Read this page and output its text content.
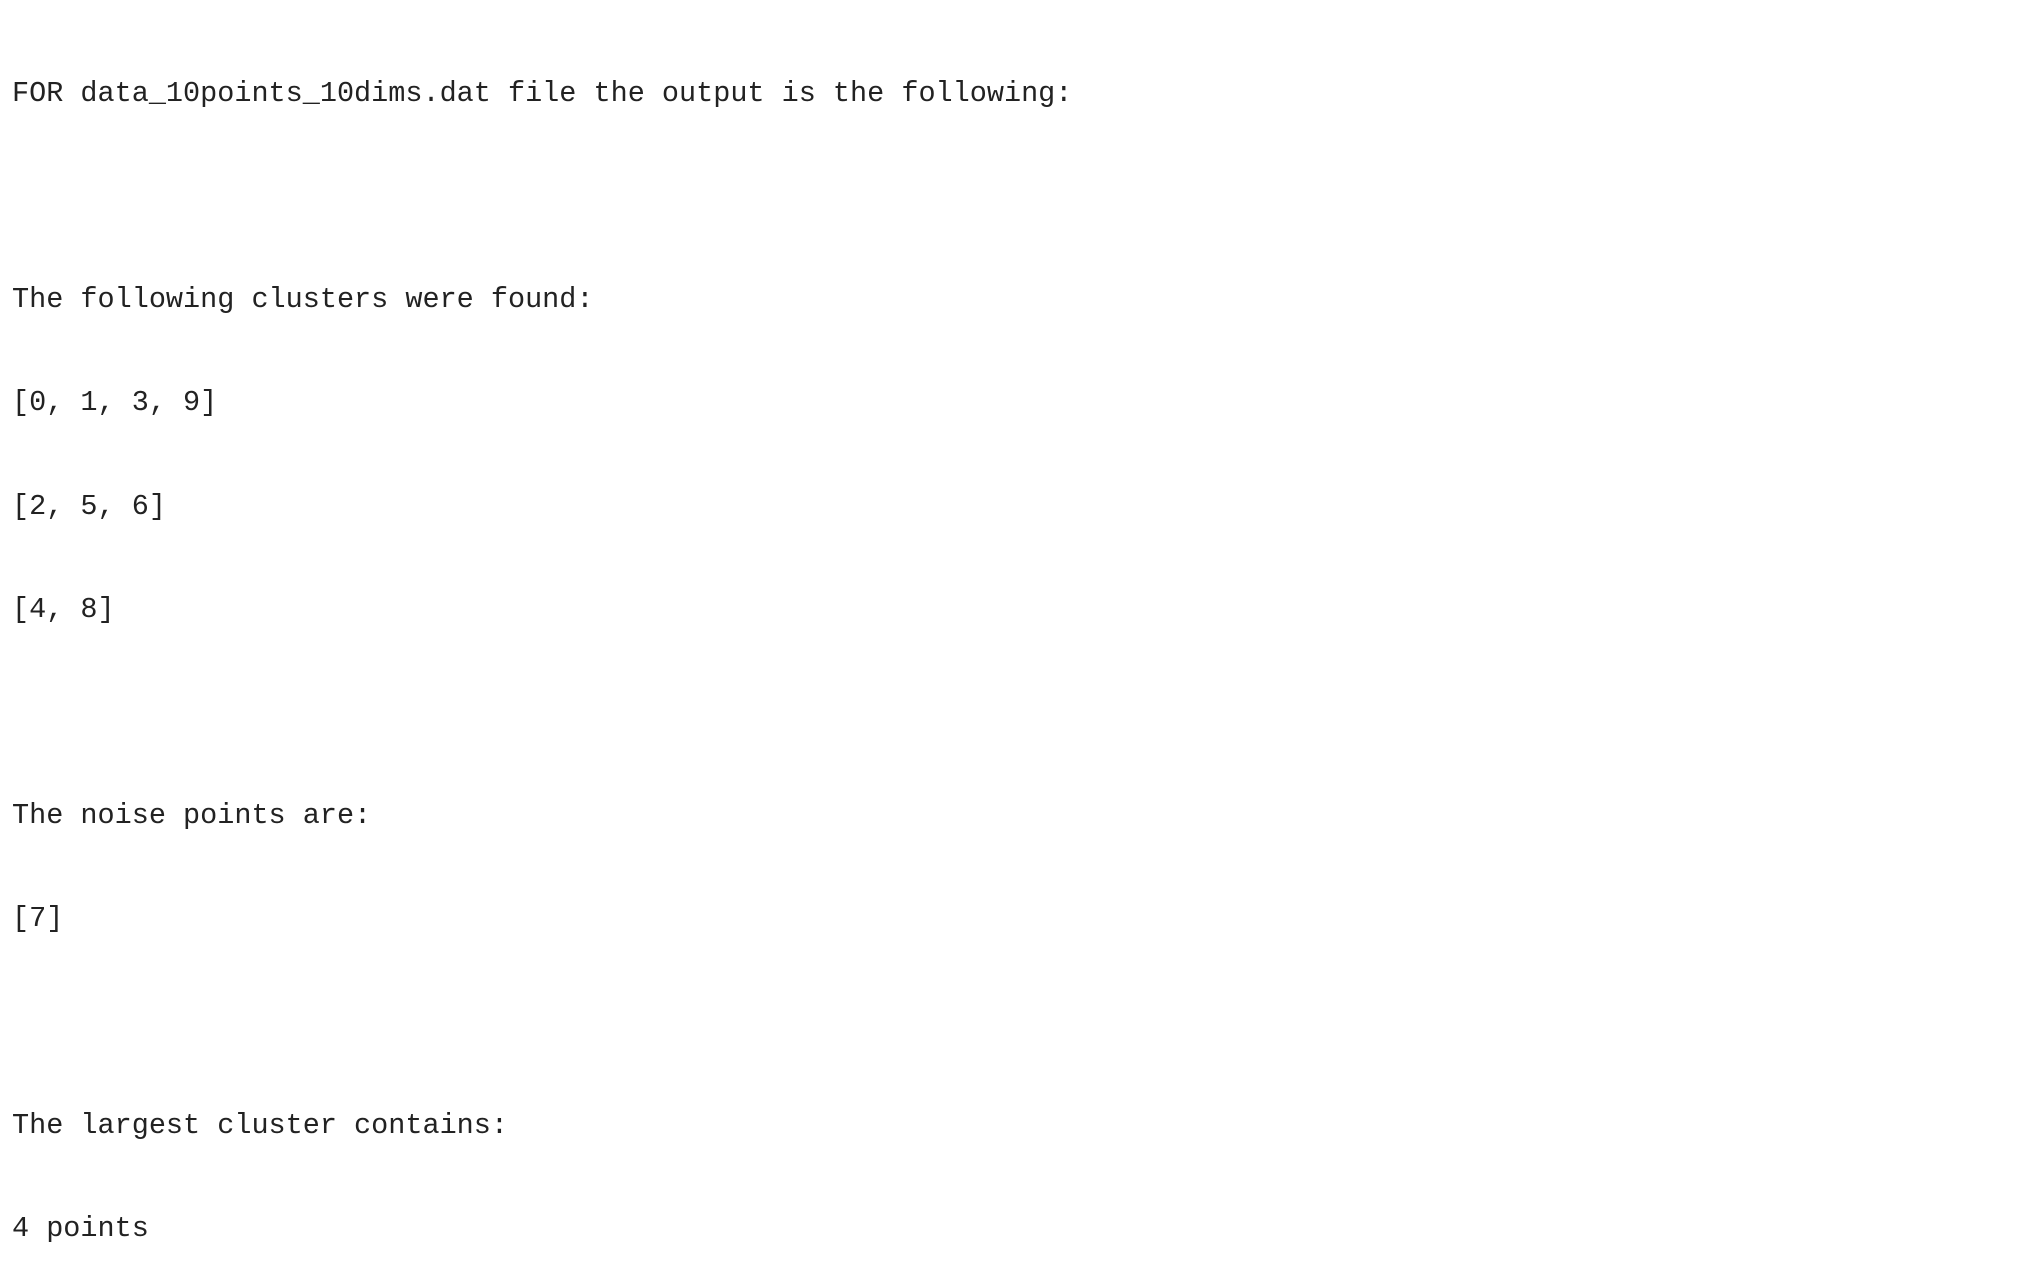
FOR data_10points_10dims.dat file the output is the following:

The following clusters were found:

[0, 1, 3, 9]

[2, 5, 6]

[4, 8]

The noise points are:

[7]

The largest cluster contains:

4 points
